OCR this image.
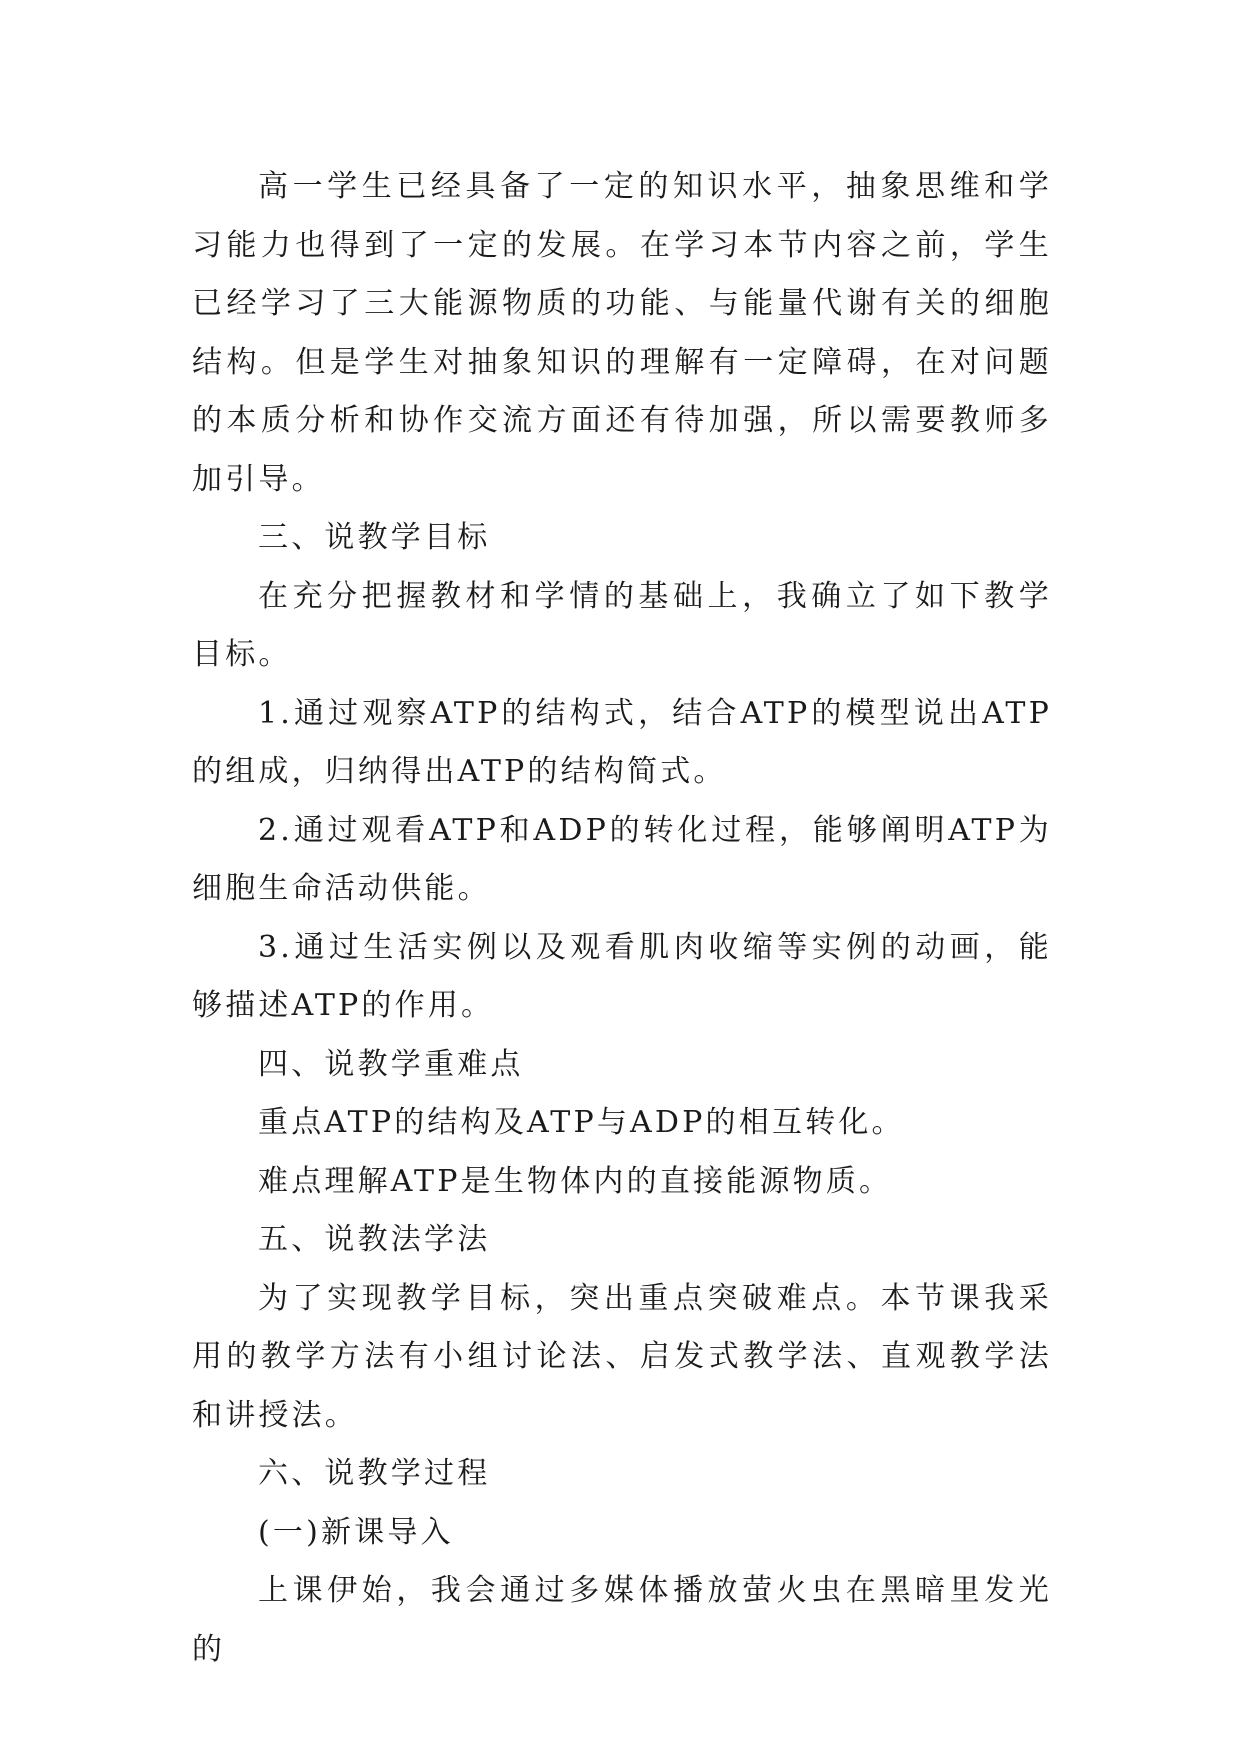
高一学生已经具备了一定的知识水平，抽象思维和学习能力也得到了一定的发展。在学习本节内容之前，学生已经学习了三大能源物质的功能、与能量代谢有关的细胞结构。但是学生对抽象知识的理解有一定障碍，在对问题的本质分析和协作交流方面还有待加强，所以需要教师多加引导。

三、说教学目标

在充分把握教材和学情的基础上，我确立了如下教学目标。

1.通过观察ATP的结构式，结合ATP的模型说出ATP的组成，归纳得出ATP的结构简式。

2.通过观看ATP和ADP的转化过程，能够阐明ATP为细胞生命活动供能。

3.通过生活实例以及观看肌肉收缩等实例的动画，能够描述ATP的作用。

四、说教学重难点

重点ATP的结构及ATP与ADP的相互转化。

难点理解ATP是生物体内的直接能源物质。

五、说教法学法

为了实现教学目标，突出重点突破难点。本节课我采用的教学方法有小组讨论法、启发式教学法、直观教学法和讲授法。

六、说教学过程

(一)新课导入

上课伊始，我会通过多媒体播放萤火虫在黑暗里发光的
